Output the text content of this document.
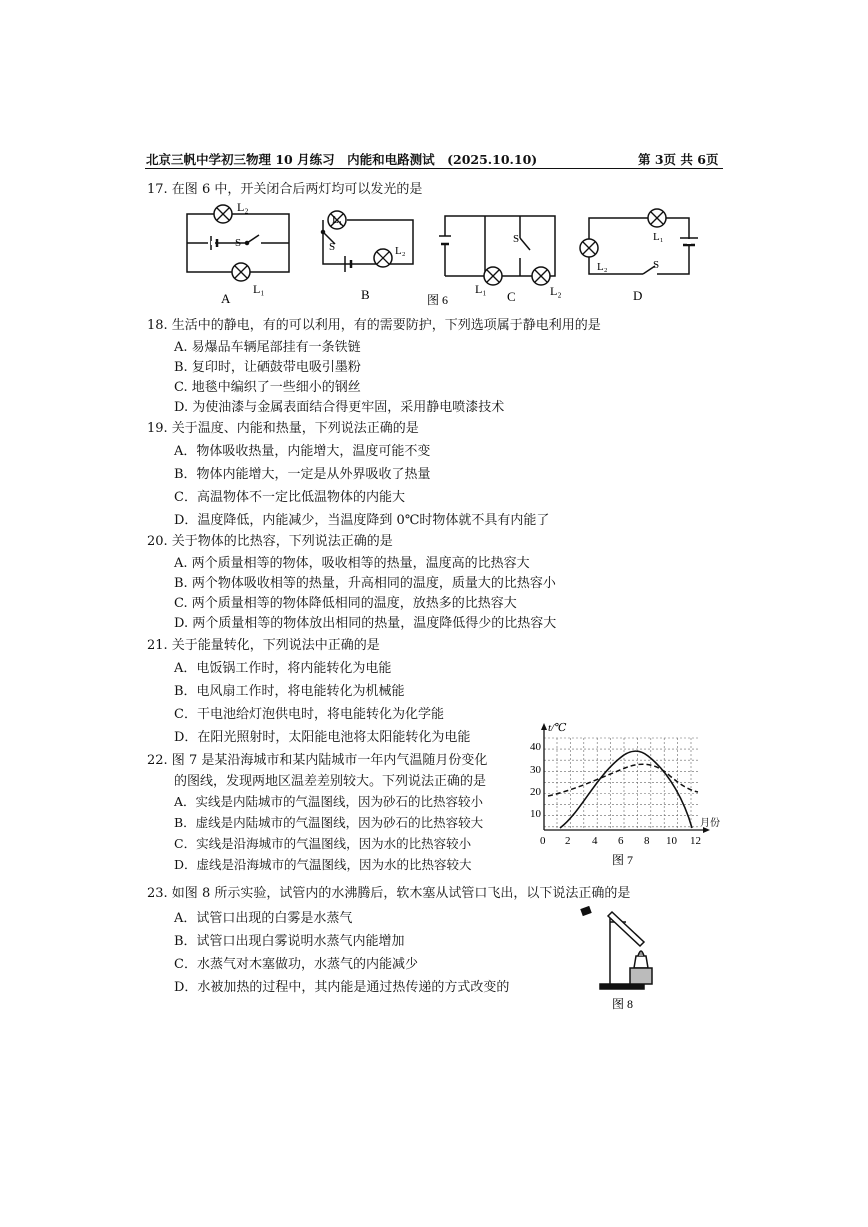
北京三帆中学初三物理 10 月练习　内能和电路测试　(2025.10.10)	第 3页 共 6页
17. 在图 6 中，开关闭合后两灯均可以发光的是
L₂
L₁
S
A
L₁
L₂
S
B
S
L₁	L₂
C
图 6
L₁
L₂	S
D
18. 生活中的静电，有的可以利用，有的需要防护，下列选项属于静电利用的是
A. 易爆品车辆尾部挂有一条铁链
B. 复印时，让硒鼓带电吸引墨粉
C. 地毯中编织了一些细小的钢丝
D. 为使油漆与金属表面结合得更牢固，采用静电喷漆技术
19. 关于温度、内能和热量，下列说法正确的是
A．物体吸收热量，内能增大，温度可能不变
B．物体内能增大，一定是从外界吸收了热量
C．高温物体不一定比低温物体的内能大
D．温度降低，内能减少，当温度降到 0℃时物体就不具有内能了
20. 关于物体的比热容，下列说法正确的是
A. 两个质量相等的物体，吸收相等的热量，温度高的比热容大
B. 两个物体吸收相等的热量，升高相同的温度，质量大的比热容小
C. 两个质量相等的物体降低相同的温度，放热多的比热容大
D. 两个质量相等的物体放出相同的热量，温度降低得少的比热容大
21. 关于能量转化，下列说法中正确的是
A．电饭锅工作时，将内能转化为电能
B．电风扇工作时，将电能转化为机械能
C．干电池给灯泡供电时，将电能转化为化学能
D．在阳光照射时，太阳能电池将太阳能转化为电能
22. 图 7 是某沿海城市和某内陆城市一年内气温随月份变化
的图线，发现两地区温差差别较大。下列说法正确的是
A．实线是内陆城市的气温图线，因为砂石的比热容较小
B．虚线是内陆城市的气温图线，因为砂石的比热容较大
C．实线是沿海城市的气温图线，因为水的比热容较小
D．虚线是沿海城市的气温图线，因为水的比热容较大
t/℃
月份
40
30
20
10
0 2 4 6 8 10 12
图 7
23. 如图 8 所示实验，试管内的水沸腾后，软木塞从试管口飞出，以下说法正确的是
A．试管口出现的白雾是水蒸气
B．试管口出现白雾说明水蒸气内能增加
C．水蒸气对木塞做功，水蒸气的内能减少
D．水被加热的过程中，其内能是通过热传递的方式改变的
图 8
